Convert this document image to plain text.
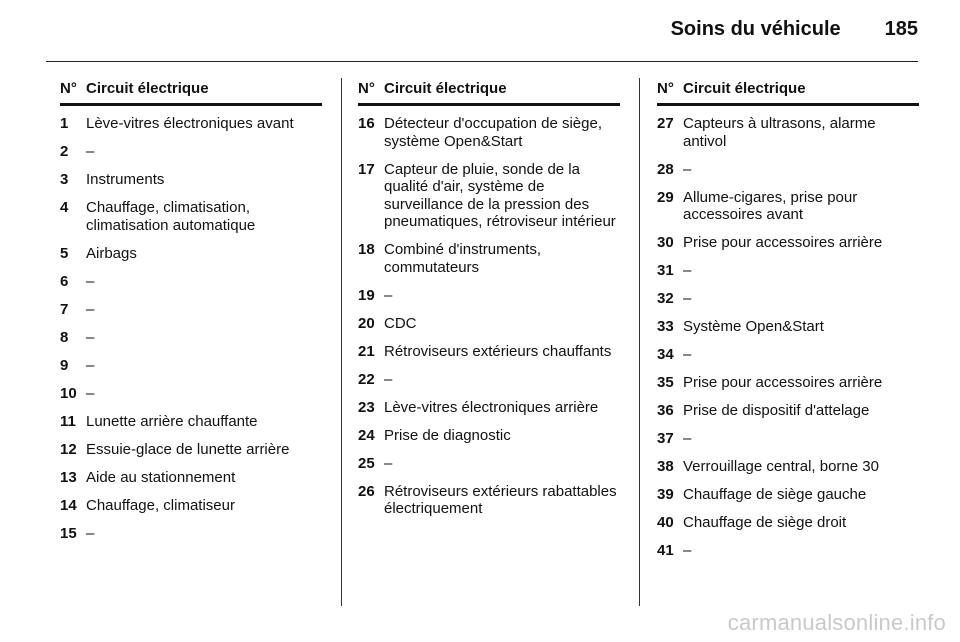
Soins du véhicule 185
N° Circuit électrique
1	Lève-vitres électroniques avant
2	–
3	Instruments
4	Chauffage, climatisation, climatisation automatique
5	Airbags
6	–
7	–
8	–
9	–
10 –
11 Lunette arrière chauffante
12 Essuie-glace de lunette arrière
13 Aide au stationnement
14 Chauffage, climatiseur
15 –
N° Circuit électrique
16 Détecteur d'occupation de siège, système Open&Start
17 Capteur de pluie, sonde de la qualité d'air, système de surveillance de la pression des pneumatiques, rétroviseur intérieur
18 Combiné d'instruments, commutateurs
19 –
20 CDC
21 Rétroviseurs extérieurs chauffants
22 –
23 Lève-vitres électroniques arrière
24 Prise de diagnostic
25 –
26 Rétroviseurs extérieurs rabattables électriquement
N° Circuit électrique
27 Capteurs à ultrasons, alarme antivol
28 –
29 Allume-cigares, prise pour accessoires avant
30 Prise pour accessoires arrière
31 –
32 –
33 Système Open&Start
34 –
35 Prise pour accessoires arrière
36 Prise de dispositif d'attelage
37 –
38 Verrouillage central, borne 30
39 Chauffage de siège gauche
40 Chauffage de siège droit
41 –
carmanualsonline.info
